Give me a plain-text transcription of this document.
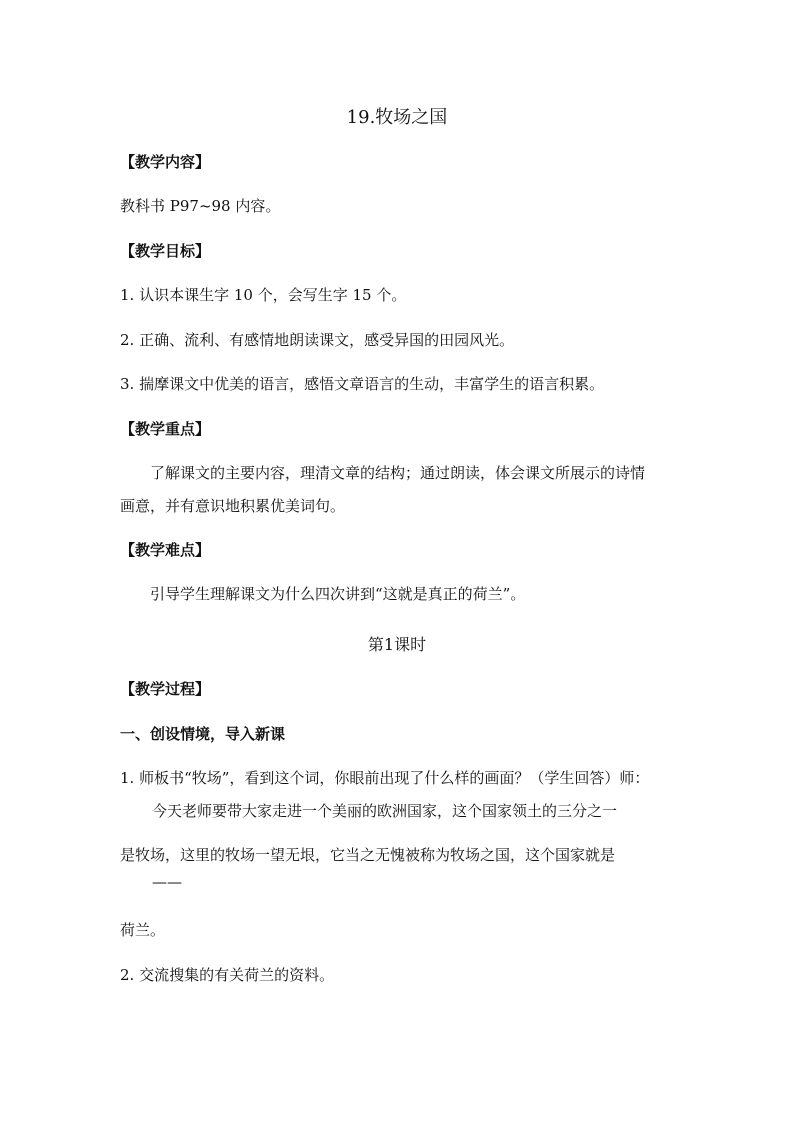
19.牧场之国
【教学内容】
教科书 P97~98 内容。
【教学目标】
1. 认识本课生字 10 个，会写生字 15 个。
2. 正确、流利、有感情地朗读课文，感受异国的田园风光。
3. 揣摩课文中优美的语言，感悟文章语言的生动，丰富学生的语言积累。
【教学重点】
了解课文的主要内容，理清文章的结构；通过朗读，体会课文所展示的诗情
画意，并有意识地积累优美词句。
【教学难点】
引导学生理解课文为什么四次讲到“这就是真正的荷兰”。
第1课时
【教学过程】
一、创设情境，导入新课
1. 师板书“牧场”，看到这个词，你眼前出现了什么样的画面？（学生回答）师：
今天老师要带大家走进一个美丽的欧洲国家，这个国家领土的三分之一
是牧场，这里的牧场一望无垠，它当之无愧被称为牧场之国，这个国家就是
——
荷兰。
2. 交流搜集的有关荷兰的资料。
